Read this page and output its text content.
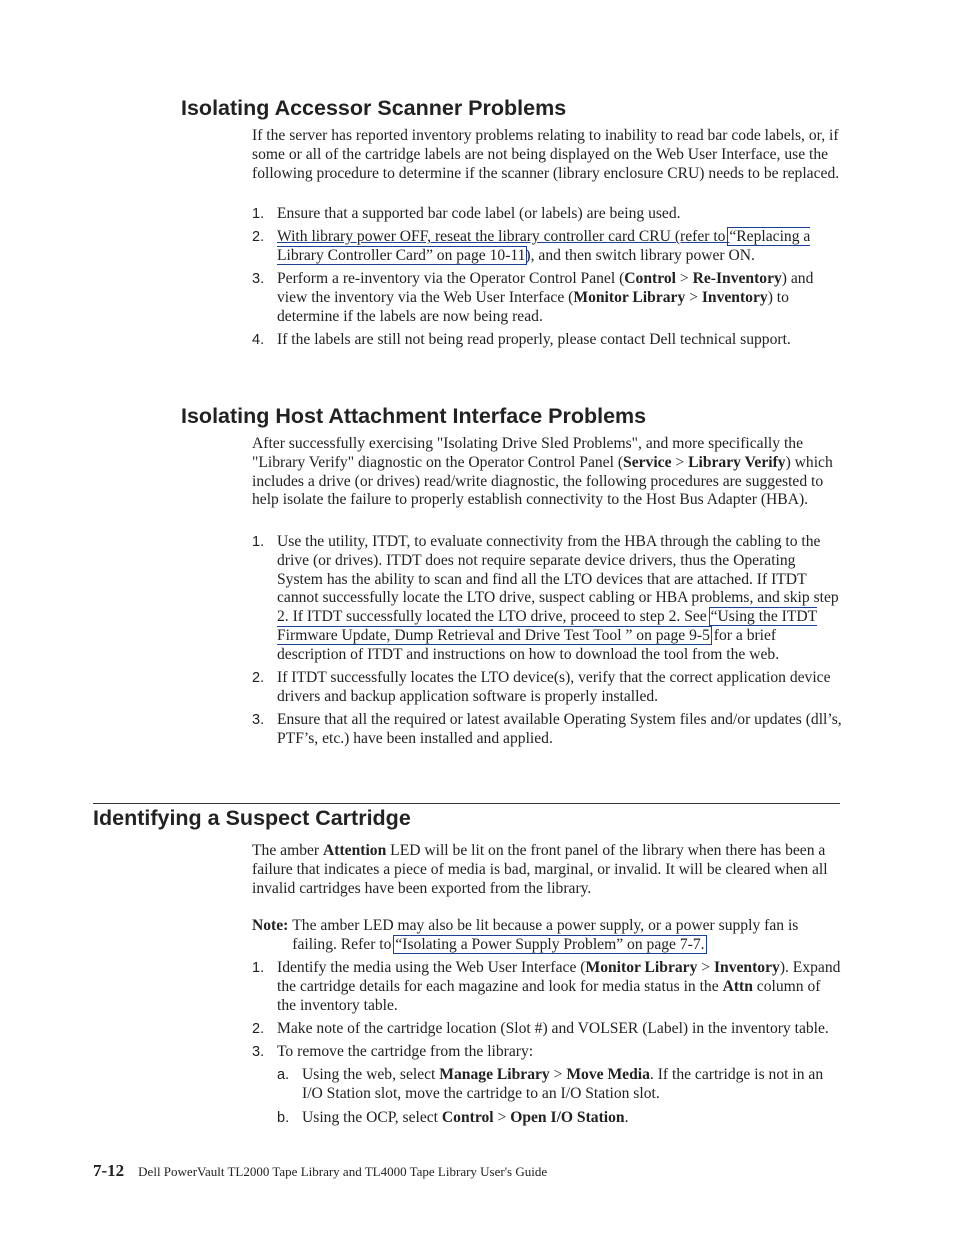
Isolating Accessor Scanner Problems

If the server has reported inventory problems relating to inability to read bar code labels, or, if some or all of the cartridge labels are not being displayed on the Web User Interface, use the following procedure to determine if the scanner (library enclosure CRU) needs to be replaced.

1. Ensure that a supported bar code label (or labels) are being used.
2. With library power OFF, reseat the library controller card CRU (refer to “Replacing a Library Controller Card” on page 10-11), and then switch library power ON.
3. Perform a re-inventory via the Operator Control Panel (Control > Re-Inventory) and view the inventory via the Web User Interface (Monitor Library > Inventory) to determine if the labels are now being read.
4. If the labels are still not being read properly, please contact Dell technical support.
Isolating Host Attachment Interface Problems

After successfully exercising "Isolating Drive Sled Problems", and more specifically the "Library Verify" diagnostic on the Operator Control Panel (Service > Library Verify) which includes a drive (or drives) read/write diagnostic, the following procedures are suggested to help isolate the failure to properly establish connectivity to the Host Bus Adapter (HBA).

1. Use the utility, ITDT, to evaluate connectivity from the HBA through the cabling to the drive (or drives). ITDT does not require separate device drivers, thus the Operating System has the ability to scan and find all the LTO devices that are attached. If ITDT cannot successfully locate the LTO drive, suspect cabling or HBA problems, and skip step 2. If ITDT successfully located the LTO drive, proceed to step 2. See “Using the ITDT Firmware Update, Dump Retrieval and Drive Test Tool ” on page 9-5 for a brief description of ITDT and instructions on how to download the tool from the web.
2. If ITDT successfully locates the LTO device(s), verify that the correct application device drivers and backup application software is properly installed.
3. Ensure that all the required or latest available Operating System files and/or updates (dll’s, PTF’s, etc.) have been installed and applied.
Identifying a Suspect Cartridge

The amber Attention LED will be lit on the front panel of the library when there has been a failure that indicates a piece of media is bad, marginal, or invalid. It will be cleared when all invalid cartridges have been exported from the library.

Note: The amber LED may also be lit because a power supply, or a power supply fan is failing. Refer to “Isolating a Power Supply Problem” on page 7-7.
1. Identify the media using the Web User Interface (Monitor Library > Inventory). Expand the cartridge details for each magazine and look for media status in the Attn column of the inventory table.
2. Make note of the cartridge location (Slot #) and VOLSER (Label) in the inventory table.
3. To remove the cartridge from the library:
a. Using the web, select Manage Library > Move Media. If the cartridge is not in an I/O Station slot, move the cartridge to an I/O Station slot.
b. Using the OCP, select Control > Open I/O Station.
7-12 Dell PowerVault TL2000 Tape Library and TL4000 Tape Library User's Guide
